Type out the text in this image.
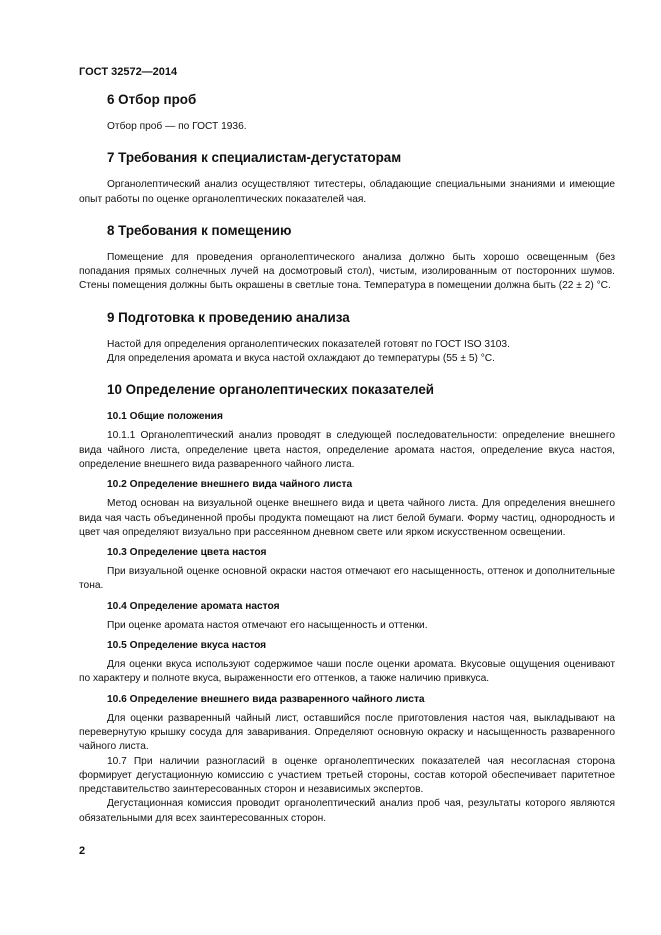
ГОСТ 32572—2014
6 Отбор проб

Отбор проб — по ГОСТ 1936.

7 Требования к специалистам-дегустаторам

Органолептический анализ осуществляют титестеры, обладающие специальными знаниями и имеющие опыт работы по оценке органолептических показателей чая.

8 Требования к помещению

Помещение для проведения органолептического анализа должно быть хорошо освещенным (без попадания прямых солнечных лучей на досмотровый стол), чистым, изолированным от посторонних шумов. Стены помещения должны быть окрашены в светлые тона. Температура в помещении должна быть (22 ± 2) °С.

9 Подготовка к проведению анализа

Настой для определения органолептических показателей готовят по ГОСТ ISO 3103.

Для определения аромата и вкуса настой охлаждают до температуры (55 ± 5) °С.

10 Определение органолептических показателей
10.1 Общие положения

10.1.1 Органолептический анализ проводят в следующей последовательности: определение внешнего вида чайного листа, определение цвета настоя, определение аромата настоя, определение вкуса настоя, определение внешнего вида разваренного чайного листа.

10.2 Определение внешнего вида чайного листа

Метод основан на визуальной оценке внешнего вида и цвета чайного листа. Для определения внешнего вида чая часть объединенной пробы продукта помещают на лист белой бумаги. Форму частиц, однородность и цвет чая определяют визуально при рассеянном дневном свете или ярком искусственном освещении.

10.3 Определение цвета настоя

При визуальной оценке основной окраски настоя отмечают его насыщенность, оттенок и дополнительные тона.

10.4 Определение аромата настоя

При оценке аромата настоя отмечают его насыщенность и оттенки.

10.5 Определение вкуса настоя

Для оценки вкуса используют содержимое чаши после оценки аромата. Вкусовые ощущения оценивают по характеру и полноте вкуса, выраженности его оттенков, а также наличию привкуса.

10.6 Определение внешнего вида разваренного чайного листа

Для оценки разваренный чайный лист, оставшийся после приготовления настоя чая, выкладывают на перевернутую крышку сосуда для заваривания. Определяют основную окраску и насыщенность разваренного чайного листа.

10.7 При наличии разногласий в оценке органолептических показателей чая несогласная сторона формирует дегустационную комиссию с участием третьей стороны, состав которой обеспечивает паритетное представительство заинтересованных сторон и независимых экспертов.

Дегустационная комиссия проводит органолептический анализ проб чая, результаты которого являются обязательными для всех заинтересованных сторон.

2
